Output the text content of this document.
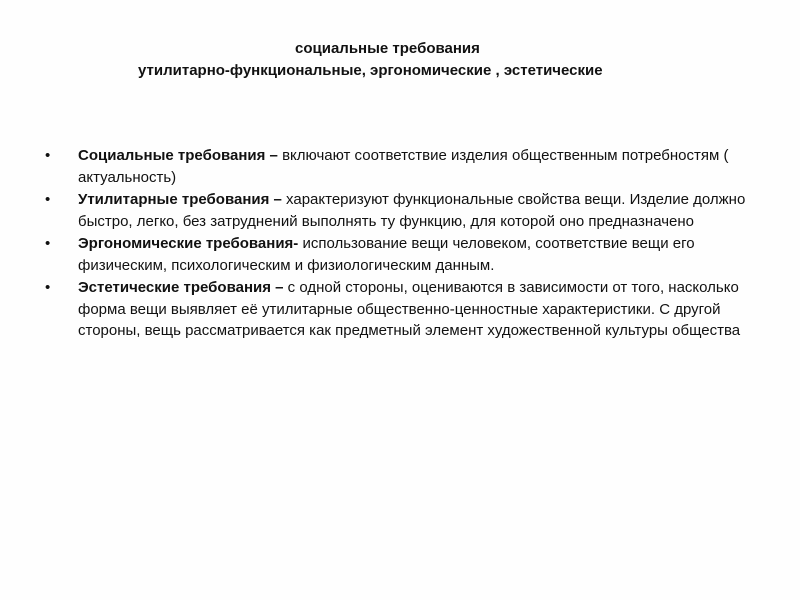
социальные требования
утилитарно-функциональные, эргономические , эстетические
• Социальные требования – включают соответствие изделия общественным потребностям ( актуальность)
• Утилитарные требования – характеризуют функциональные свойства вещи. Изделие должно быстро, легко, без затруднений выполнять ту функцию, для которой оно предназначено
• Эргономические требования- использование вещи человеком, соответствие вещи его физическим, психологическим и физиологическим данным.
• Эстетические требования – с одной стороны, оцениваются в зависимости от того, насколько форма вещи выявляет её утилитарные общественно-ценностные характеристики. С другой стороны, вещь рассматривается как предметный элемент художественной культуры общества
